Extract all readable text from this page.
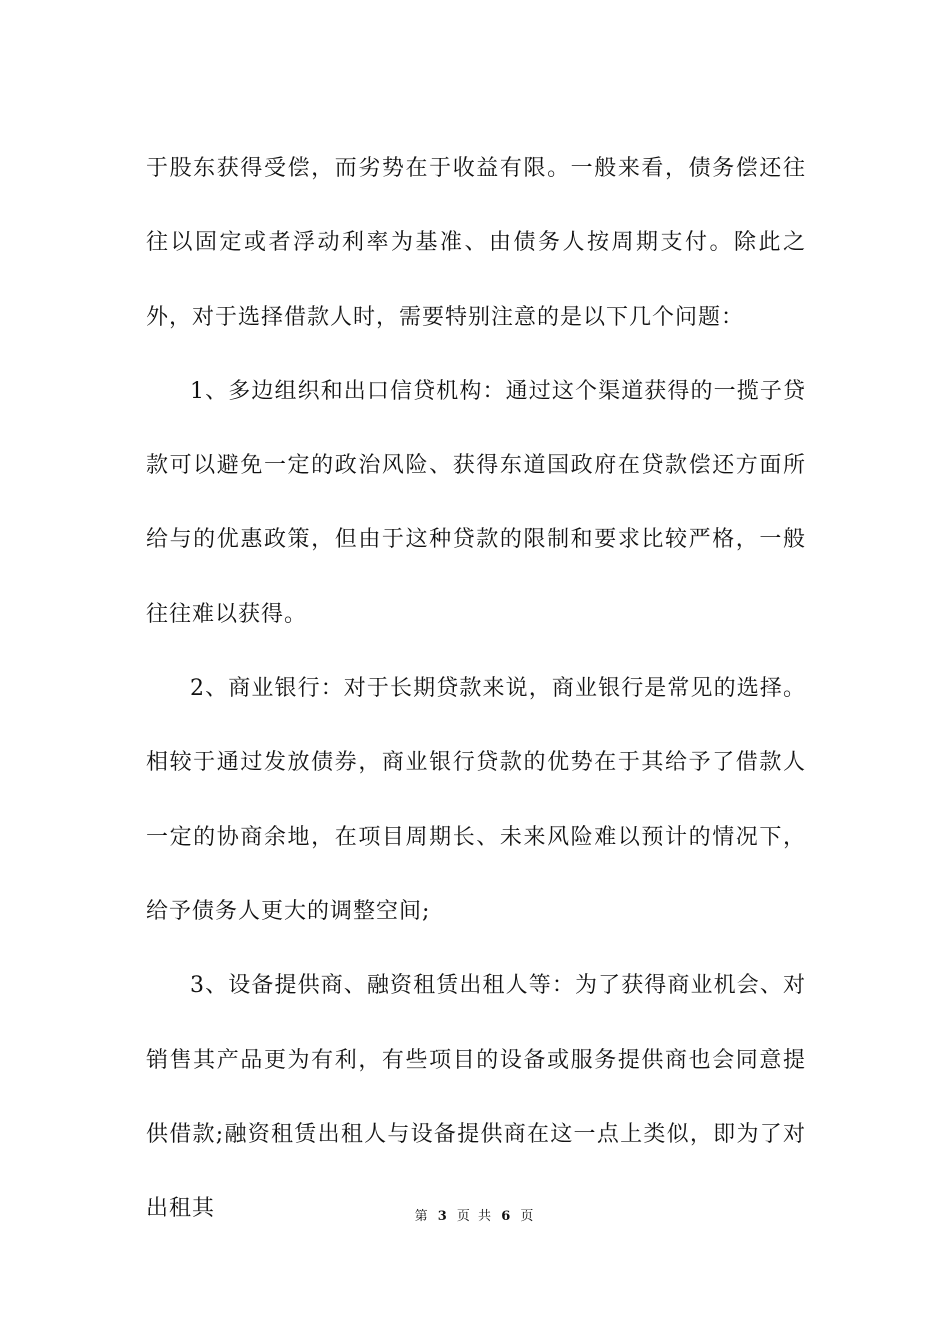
于股东获得受偿，而劣势在于收益有限。一般来看，债务偿还往往以固定或者浮动利率为基准、由债务人按周期支付。除此之外，对于选择借款人时，需要特别注意的是以下几个问题：

1、多边组织和出口信贷机构：通过这个渠道获得的一揽子贷款可以避免一定的政治风险、获得东道国政府在贷款偿还方面所给与的优惠政策，但由于这种贷款的限制和要求比较严格，一般往往难以获得。

2、商业银行：对于长期贷款来说，商业银行是常见的选择。相较于通过发放债券，商业银行贷款的优势在于其给予了借款人一定的协商余地，在项目周期长、未来风险难以预计的情况下，给予债务人更大的调整空间;

3、设备提供商、融资租赁出租人等：为了获得商业机会、对销售其产品更为有利，有些项目的设备或服务提供商也会同意提供借款;融资租赁出租人与设备提供商在这一点上类似，即为了对出租其	第 3 页 共 6 页
